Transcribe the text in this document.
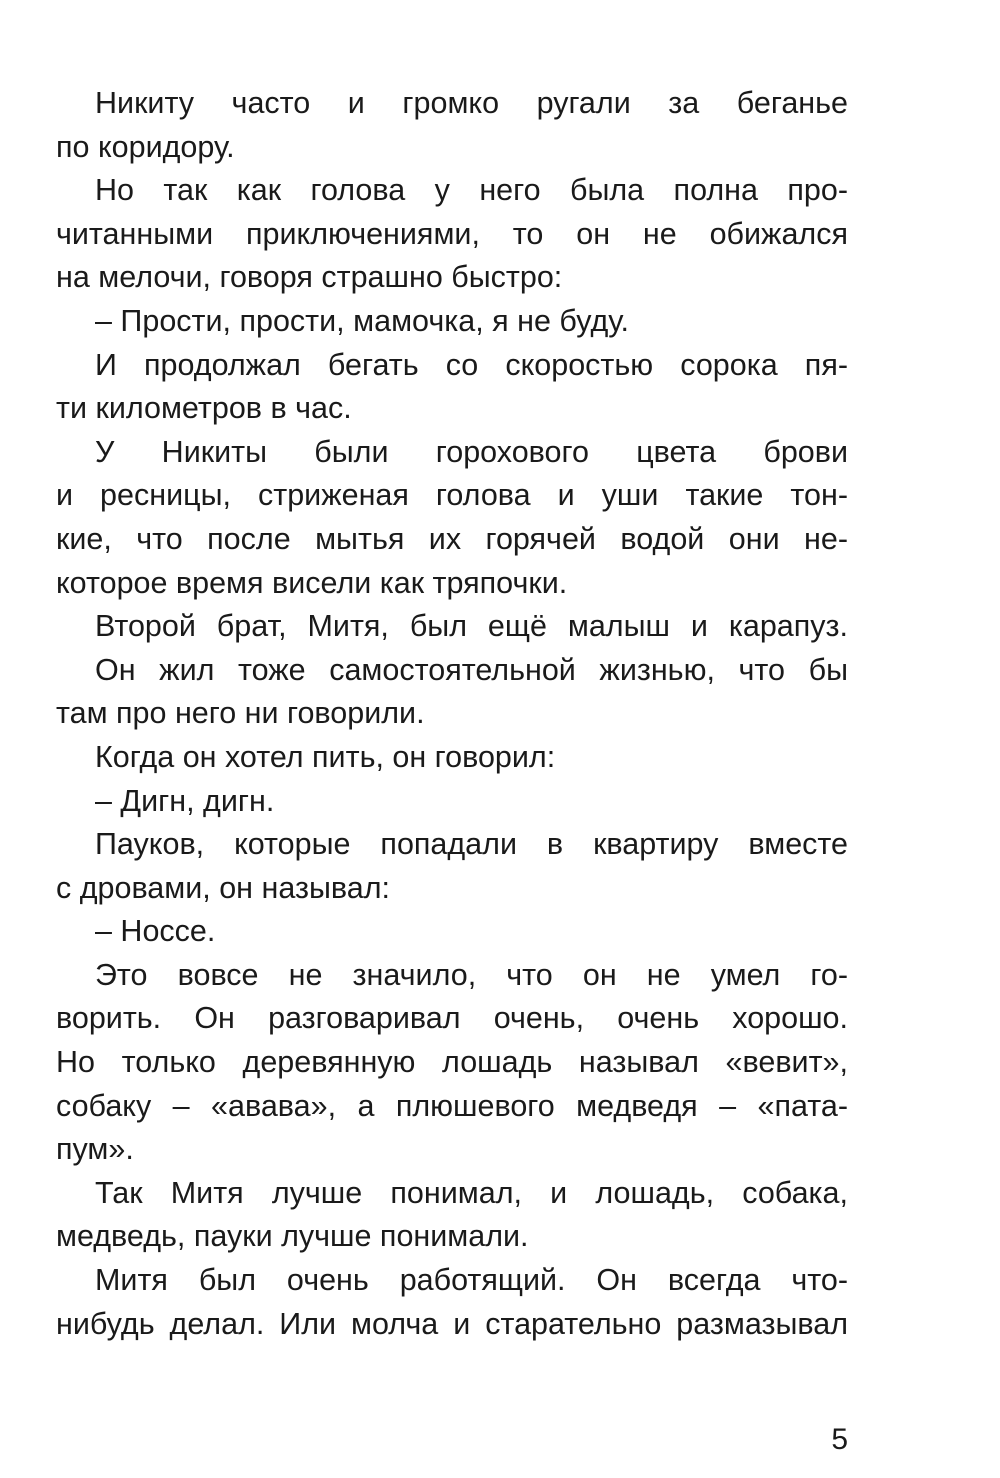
Никиту часто и громко ругали за беганье
по коридору.
Но так как голова у него была полна про-
читанными приключениями, то он не обижался
на мелочи, говоря страшно быстро:
– Прости, прости, мамочка, я не буду.
И продолжал бегать со скоростью сорока пя-
ти километров в час.
У Никиты были горохового цвета брови
и ресницы, стриженая голова и уши такие тон-
кие, что после мытья их горячей водой они не-
которое время висели как тряпочки.
Второй брат, Митя, был ещё малыш и карапуз.
Он жил тоже самостоятельной жизнью, что бы
там про него ни говорили.
Когда он хотел пить, он говорил:
– Дигн, дигн.
Пауков, которые попадали в квартиру вместе
с дровами, он называл:
– Носсе.
Это вовсе не значило, что он не умел го-
ворить. Он разговаривал очень, очень хорошо.
Но только деревянную лошадь называл «вевит»,
собаку – «авава», а плюшевого медведя – «пата-
пум».
Так Митя лучше понимал, и лошадь, собака,
медведь, пауки лучше понимали.
Митя был очень работящий. Он всегда что-
нибудь делал. Или молча и старательно размазывал
5
